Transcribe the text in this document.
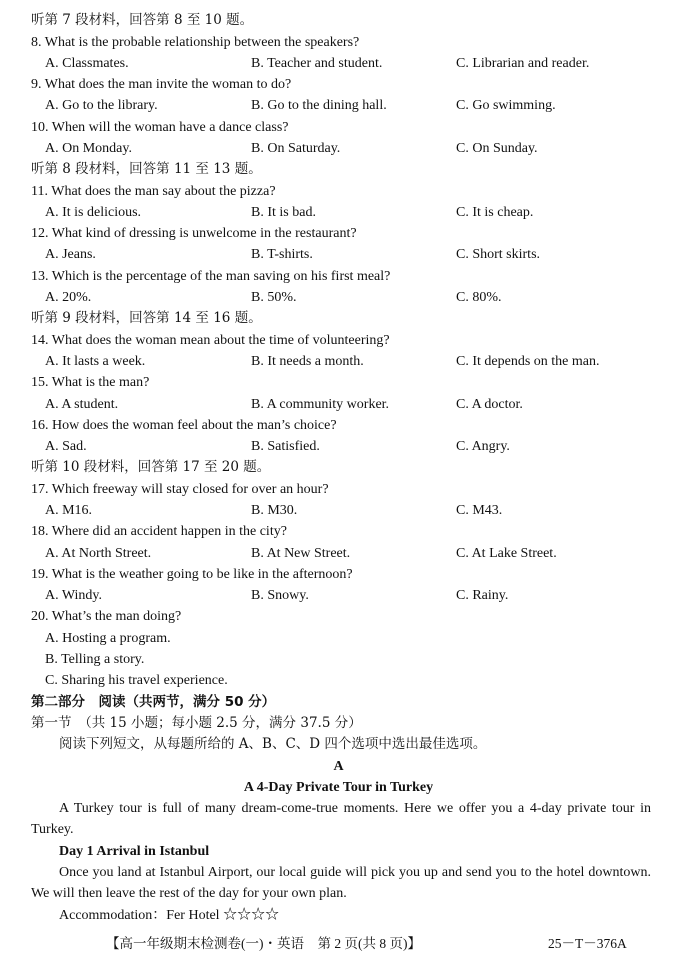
听第 7 段材料，回答第 8 至 10 题。
8. What is the probable relationship between the speakers?
A. Classmates.	B. Teacher and student.	C. Librarian and reader.
9. What does the man invite the woman to do?
A. Go to the library.	B. Go to the dining hall.	C. Go swimming.
10. When will the woman have a dance class?
A. On Monday.	B. On Saturday.	C. On Sunday.
听第 8 段材料，回答第 11 至 13 题。
11. What does the man say about the pizza?
A. It is delicious.	B. It is bad.	C. It is cheap.
12. What kind of dressing is unwelcome in the restaurant?
A. Jeans.	B. T-shirts.	C. Short skirts.
13. Which is the percentage of the man saving on his first meal?
A. 20%.	B. 50%.	C. 80%.
听第 9 段材料，回答第 14 至 16 题。
14. What does the woman mean about the time of volunteering?
A. It lasts a week.	B. It needs a month.	C. It depends on the man.
15. What is the man?
A. A student.	B. A community worker.	C. A doctor.
16. How does the woman feel about the man’s choice?
A. Sad.	B. Satisfied.	C. Angry.
听第 10 段材料，回答第 17 至 20 题。
17. Which freeway will stay closed for over an hour?
A. M16.	B. M30.	C. M43.
18. Where did an accident happen in the city?
A. At North Street.	B. At New Street.	C. At Lake Street.
19. What is the weather going to be like in the afternoon?
A. Windy.	B. Snowy.	C. Rainy.
20. What’s the man doing?
A. Hosting a program.
B. Telling a story.
C. Sharing his travel experience.
第二部分　阅读（共两节，满分 50 分）
第一节　（共 15 小题；每小题 2.5 分，满分 37.5 分）
阅读下列短文，从每题所给的 A、B、C、D 四个选项中选出最佳选项。
A
A 4-Day Private Tour in Turkey
A Turkey tour is full of many dream-come-true moments. Here we offer you a 4-day private tour in Turkey.
Day 1 Arrival in Istanbul
Once you land at Istanbul Airport, our local guide will pick you up and send you to the hotel downtown. We will then leave the rest of the day for your own plan.
Accommodation：Fer Hotel ☆☆☆☆
【高一年级期末检测卷(一)・英语　第 2 页(共 8 页)】	25－T－376A
